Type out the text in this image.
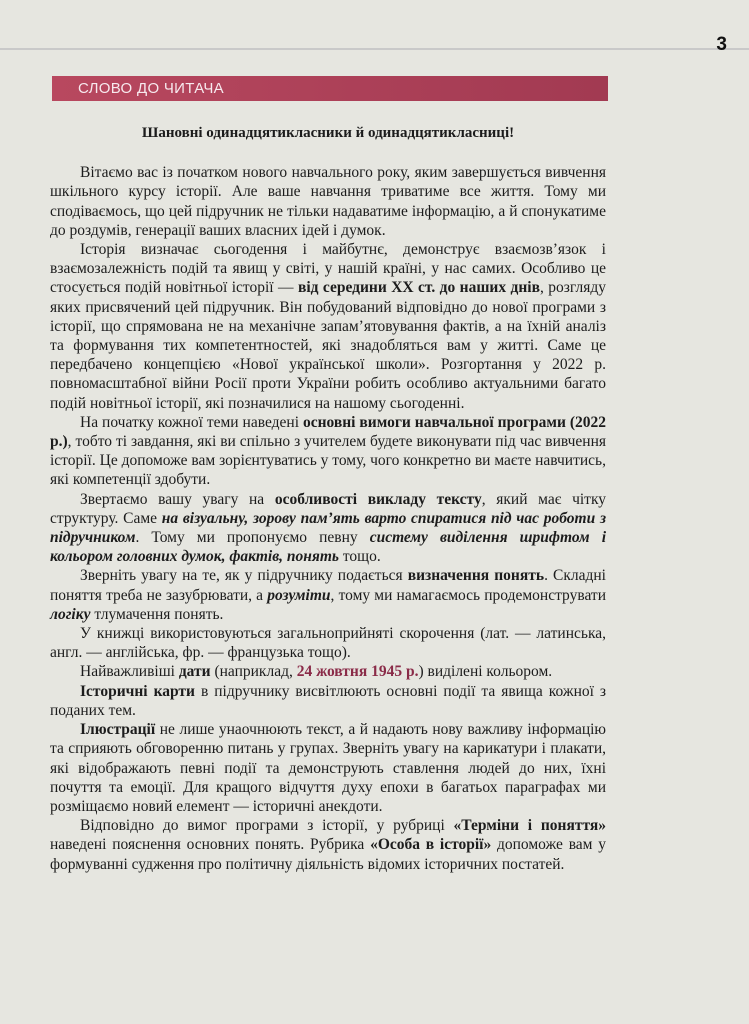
3
СЛОВО ДО ЧИТАЧА
Шановні одинадцятикласники й одинадцятикласниці!

Вітаємо вас із початком нового навчального року, яким завершується вивчення шкільного курсу історії. Але ваше навчання триватиме все життя. Тому ми сподіваємось, що цей підручник не тільки надаватиме інформацію, а й спонукатиме до роздумів, генерації ваших власних ідей і думок.

Історія визначає сьогодення і майбутнє, демонструє взаємозв’язок і взаємозалежність подій та явищ у світі, у нашій країні, у нас самих. Особливо це стосується подій новітньої історії — від середини XX ст. до наших днів, розгляду яких присвячений цей підручник. Він побудований відповідно до нової програми з історії, що спрямована не на механічне запам’ятовування фактів, а на їхній аналіз та формування тих компетентностей, які знадобляться вам у житті. Саме це передбачено концепцією «Нової української школи». Розгортання у 2022 р. повномасштабної війни Росії проти України робить особливо актуальними багато подій новітньої історії, які позначилися на нашому сьогоденні.

На початку кожної теми наведені основні вимоги навчальної програми (2022 р.), тобто ті завдання, які ви спільно з учителем будете виконувати під час вивчення історії. Це допоможе вам зорієнтуватись у тому, чого конкретно ви маєте навчитись, які компетенції здобути.

Звертаємо вашу увагу на особливості викладу тексту, який має чітку структуру. Саме на візуальну, зорову пам’ять варто спиратися під час роботи з підручником. Тому ми пропонуємо певну систему виділення шрифтом і кольором головних думок, фактів, понять тощо.

Зверніть увагу на те, як у підручнику подається визначення понять. Складні поняття треба не зазубрювати, а розуміти, тому ми намагаємось продемонструвати логіку тлумачення понять.

У книжці використовуються загальноприйняті скорочення (лат. — латинська, англ. — англійська, фр. — французька тощо).

Найважливіші дати (наприклад, 24 жовтня 1945 р.) виділені кольором.

Історичні карти в підручнику висвітлюють основні події та явища кожної з поданих тем.

Ілюстрації не лише унаочнюють текст, а й надають нову важливу інформацію та сприяють обговоренню питань у групах. Зверніть увагу на карикатури і плакати, які відображають певні події та демонструють ставлення людей до них, їхні почуття та емоції. Для кращого відчуття духу епохи в багатьох параграфах ми розміщаємо новий елемент — історичні анекдоти.

Відповідно до вимог програми з історії, у рубриці «Терміни і поняття» наведені пояснення основних понять. Рубрика «Особа в історії» допоможе вам у формуванні судження про політичну діяльність відомих історичних постатей.
